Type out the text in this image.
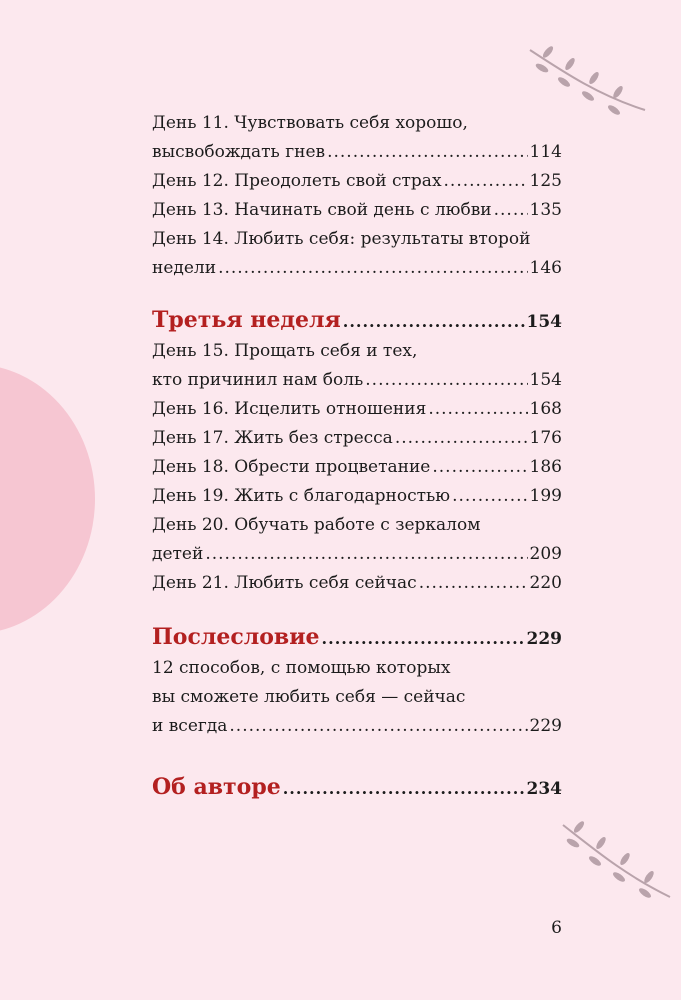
День 11. Чувствовать себя хорошо,
высвобождать гнев .....	114
День 12. Преодолеть свой страх .....	125
День 13. Начинать свой день с любви ..... 135
День 14. Любить себя: результаты второй
недели .....	146
Третья неделя .....	154
День 15. Прощать себя и тех,
кто причинил нам боль .....	154
День 16. Исцелить отношения .....	168
День 17. Жить без стресса .....	176
День 18. Обрести процветание .....	186
День 19. Жить с благодарностью .....	199
День 20. Обучать работе с зеркалом
детей .....	209
День 21. Любить себя сейчас .....	220
Послесловие .....	229
12 способов, с помощью которых
вы сможете любить себя — сейчас
и всегда .....	229
Об авторе .....	234
6
